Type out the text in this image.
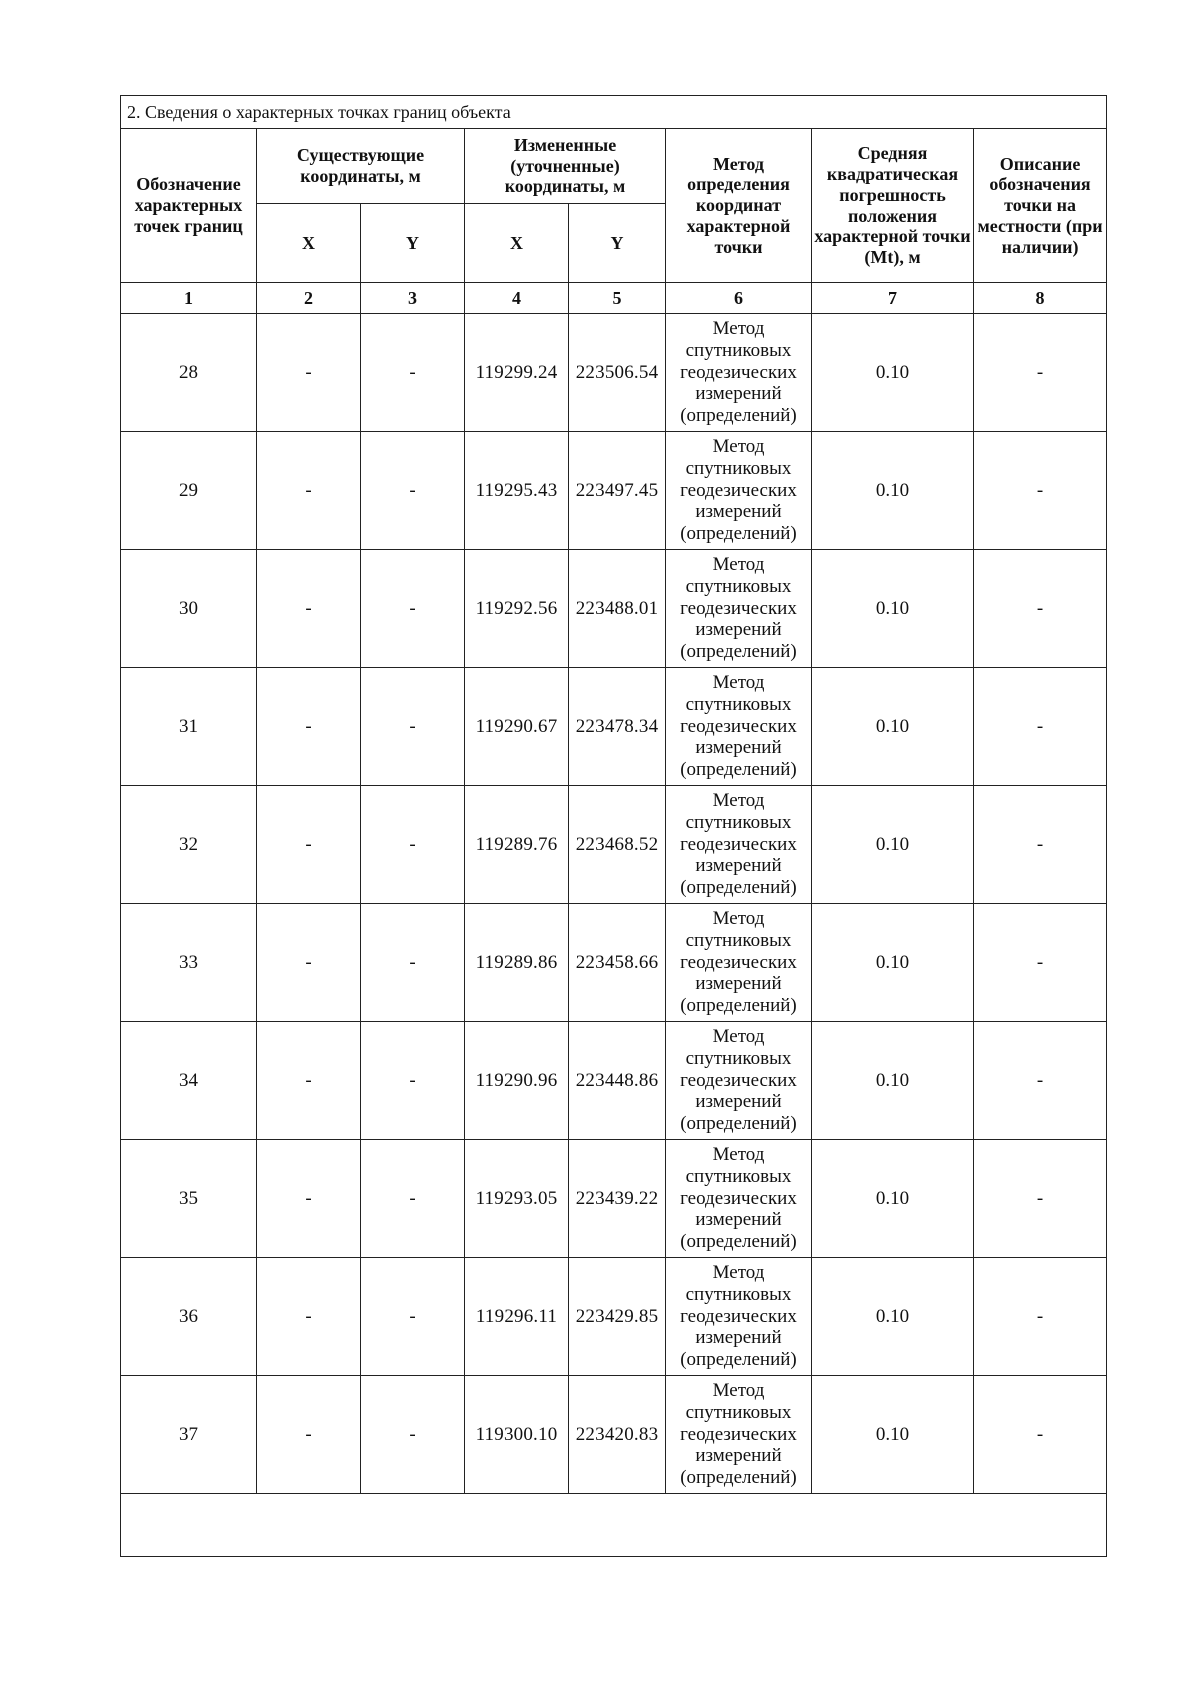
2. Сведения о характерных точках границ объекта							
Обозначение характерных точек границ	Существующие координаты, м		Измененные (уточненные) координаты, м		Метод определения координат характерной точки	Средняя квадратическая погрешность положения характерной точки (Mt), м	Описание обозначения точки на местности (при наличии)
	X	Y	X	Y			
1	2	3	4	5	6	7	8
28	-	-	119299.24	223506.54	Метод
спутниковых
геодезических
измерений
(определений)	0.10	-
29	-	-	119295.43	223497.45	Метод
спутниковых
геодезических
измерений
(определений)	0.10	-
30	-	-	119292.56	223488.01	Метод
спутниковых
геодезических
измерений
(определений)	0.10	-
31	-	-	119290.67	223478.34	Метод
спутниковых
геодезических
измерений
(определений)	0.10	-
32	-	-	119289.76	223468.52	Метод
спутниковых
геодезических
измерений
(определений)	0.10	-
33	-	-	119289.86	223458.66	Метод
спутниковых
геодезических
измерений
(определений)	0.10	-
34	-	-	119290.96	223448.86	Метод
спутниковых
геодезических
измерений
(определений)	0.10	-
35	-	-	119293.05	223439.22	Метод
спутниковых
геодезических
измерений
(определений)	0.10	-
36	-	-	119296.11	223429.85	Метод
спутниковых
геодезических
измерений
(определений)	0.10	-
37	-	-	119300.10	223420.83	Метод
спутниковых
геодезических
измерений
(определений)	0.10	-
